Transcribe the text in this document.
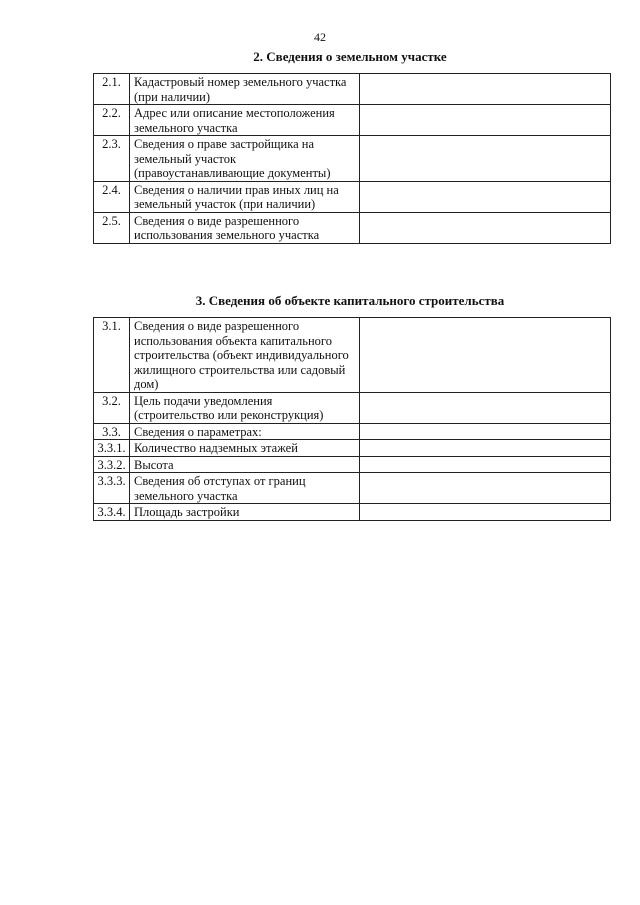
42
2. Сведения о земельном участке
2.1.	Кадастровый номер земельного участка (при наличии)	
2.2.	Адрес или описание местоположения земельного участка	
2.3.	Сведения о праве застройщика на земельный участок (правоустанавливающие документы)	
2.4.	Сведения о наличии прав иных лиц на земельный участок (при наличии)	
2.5.	Сведения о виде разрешенного использования земельного участка	
3. Сведения об объекте капитального строительства
3.1.	Сведения о виде разрешенного использования объекта капитального строительства (объект индивидуального жилищного строительства или садовый дом)	
3.2.	Цель подачи уведомления (строительство или реконструкция)	
3.3.	Сведения о параметрах:	
3.3.1.	Количество надземных этажей	
3.3.2.	Высота	
3.3.3.	Сведения об отступах от границ земельного участка	
3.3.4.	Площадь застройки	
